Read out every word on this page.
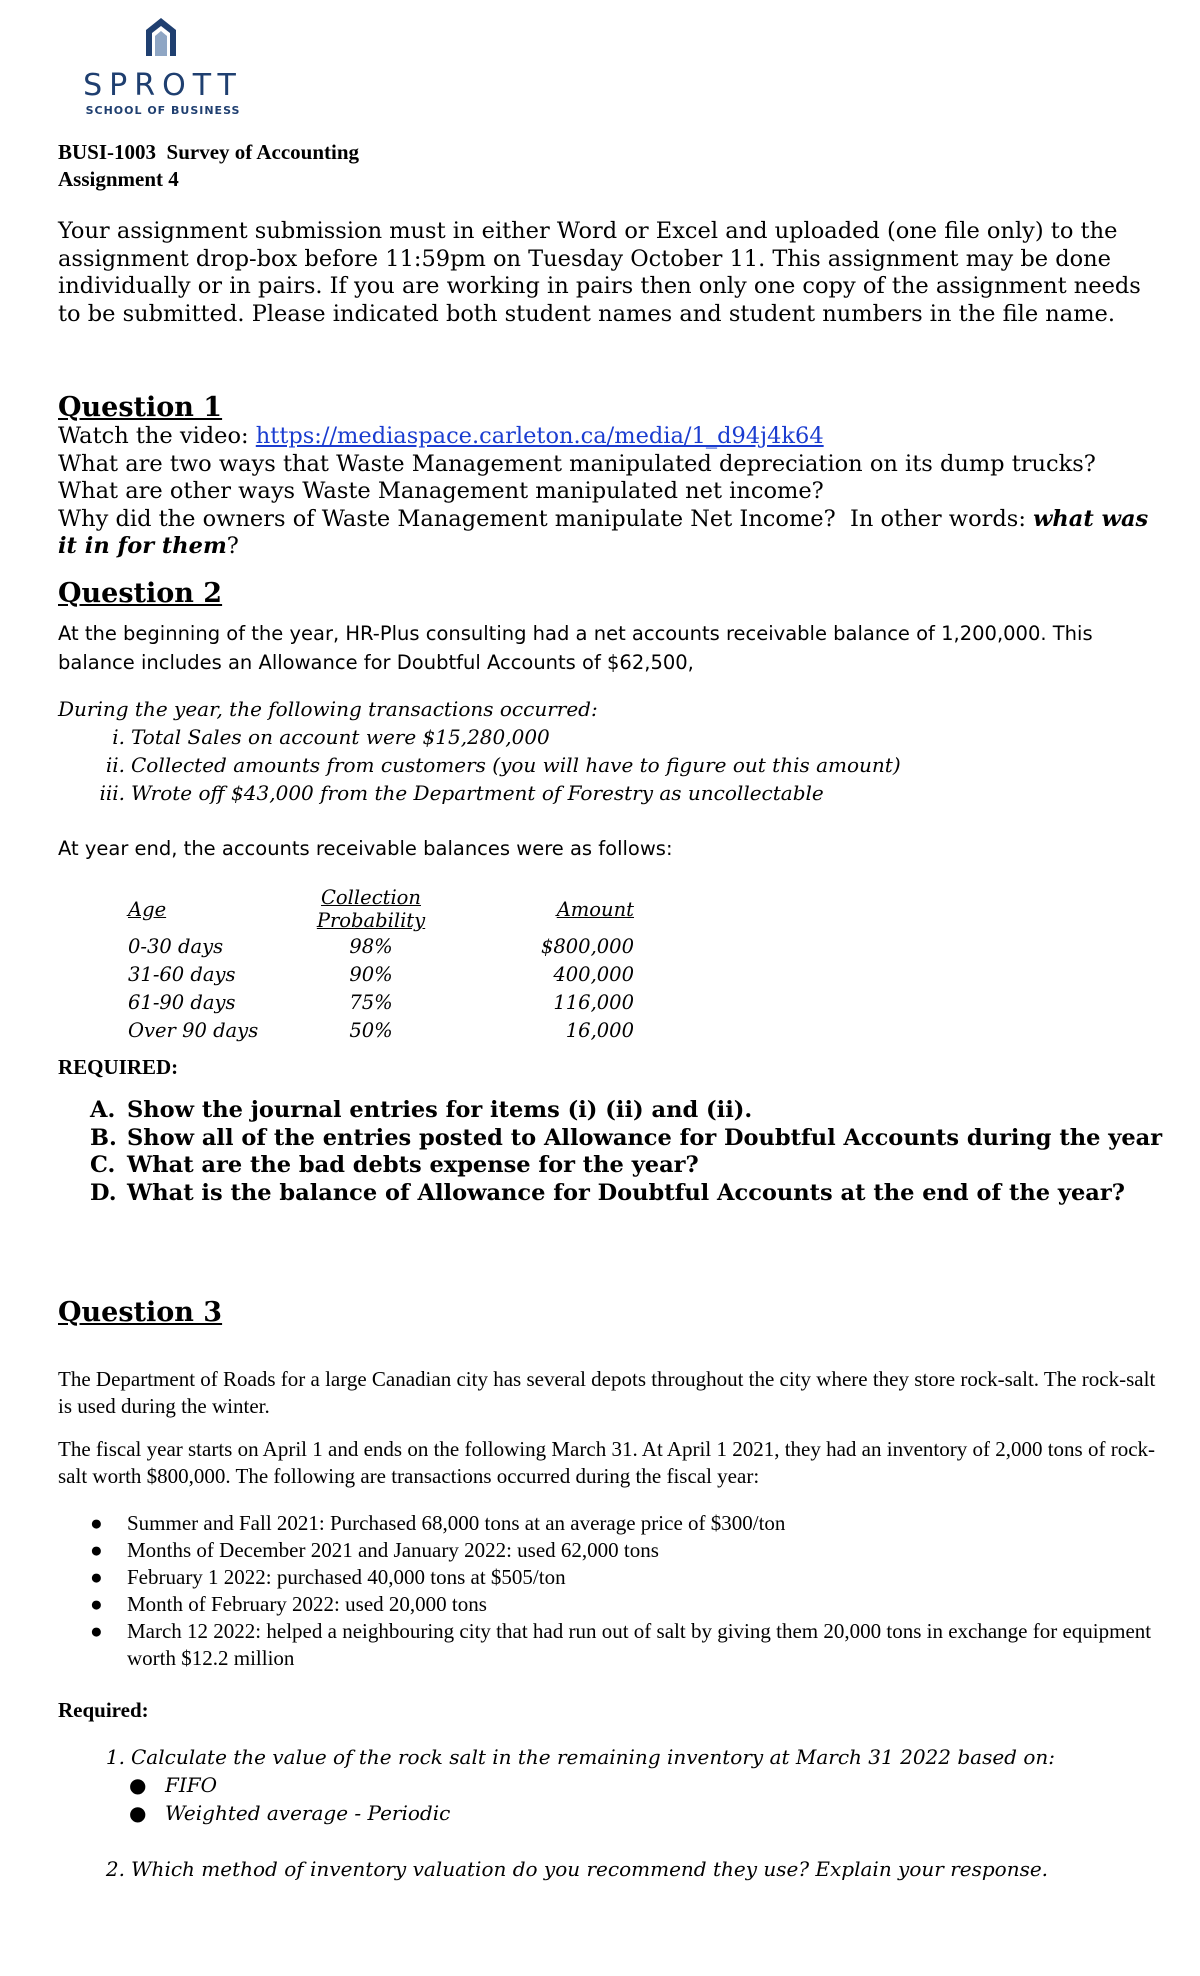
SPROTT
SCHOOL OF BUSINESS
BUSI-1003  Survey of Accounting
Assignment 4
Your assignment submission must in either Word or Excel and uploaded (one file only) to the assignment drop-box before 11:59pm on Tuesday October 11. This assignment may be done individually or in pairs. If you are working in pairs then only one copy of the assignment needs to be submitted. Please indicated both student names and student numbers in the file name.
Question 1
Watch the video: https://mediaspace.carleton.ca/media/1_d94j4k64
What are two ways that Waste Management manipulated depreciation on its dump trucks?
What are other ways Waste Management manipulated net income?
Why did the owners of Waste Management manipulate Net Income?  In other words: what was it in for them?
Question 2
At the beginning of the year, HR-Plus consulting had a net accounts receivable balance of 1,200,000. This balance includes an Allowance for Doubtful Accounts of $62,500,
During the year, the following transactions occurred:
i. Total Sales on account were $15,280,000
ii. Collected amounts from customers (you will have to figure out this amount)
iii. Wrote off $43,000 from the Department of Forestry as uncollectable
At year end, the accounts receivable balances were as follows:
Age	Collection Probability	Amount
0-30 days	98%	$800,000
31-60 days	90%	400,000
61-90 days	75%	116,000
Over 90 days	50%	16,000
REQUIRED:
A. Show the journal entries for items (i) (ii) and (ii).
B. Show all of the entries posted to Allowance for Doubtful Accounts during the year
C. What are the bad debts expense for the year?
D. What is the balance of Allowance for Doubtful Accounts at the end of the year?
Question 3
The Department of Roads for a large Canadian city has several depots throughout the city where they store rock-salt. The rock-salt is used during the winter.
The fiscal year starts on April 1 and ends on the following March 31. At April 1 2021, they had an inventory of 2,000 tons of rock-salt worth $800,000. The following are transactions occurred during the fiscal year:
● Summer and Fall 2021: Purchased 68,000 tons at an average price of $300/ton
● Months of December 2021 and January 2022: used 62,000 tons
● February 1 2022: purchased 40,000 tons at $505/ton
● Month of February 2022: used 20,000 tons
● March 12 2022: helped a neighbouring city that had run out of salt by giving them 20,000 tons in exchange for equipment worth $12.2 million
Required:
1. Calculate the value of the rock salt in the remaining inventory at March 31 2022 based on:
● FIFO
● Weighted average - Periodic
2. Which method of inventory valuation do you recommend they use? Explain your response.
